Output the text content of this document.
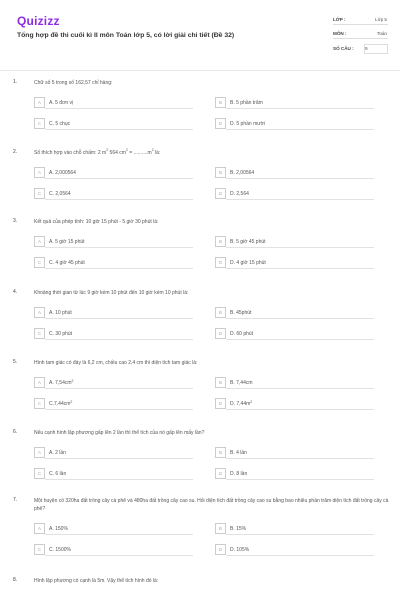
Quizizz
Tổng hợp đề thi cuối kì II môn Toán lớp 5, có lời giải chi tiết (Đề 32)
LỚP :	Lớp 5
MÔN :	Toán
SỐ CÂU :	9
1.	Chữ số 5 trong số 162,57 chỉ hàng:
A	A. 5 đơn vị	B	B. 5 phần trăm
C	C. 5 chục	D	D. 5 phần mười
2.	Số thích hợp vào chỗ chấm: 2 $m^2$ 564 $cm^2 = ..........m^2$ là:
A	A. 2,000564	B	B. 2,00564
C	C. 2,0564	D	D. 2,564
3.	Kết quả của phép tính: 10 giờ 15 phút - 5 giờ 30 phút là:
A	A. 5 giờ 15 phút	B	B. 5 giờ 45 phút
C	C. 4 giờ 45 phút	D	D. 4 giờ 15 phút
4.	Khoảng thời gian từ lúc 9 giờ kém 10 phút đến 10 giờ kém 10 phút là:
A	A. 10 phút	B	B. 45phút
C	C. 30 phút	D	D. 60 phút
5.	Hình tam giác có đáy là 6,2 cm, chiều cao 2,4 cm thì diện tích tam giác là:
A	A. $7,54cm^2$	B	B. 7,44cm
C	$C.7,44cm^2$	D	D. $7,44m^2$
6.	Nếu cạnh hình lập phương gấp lên 2 lần thì thể tích của nó gấp lên mấy lần?
A	A. 2 lần	B	B. 4 lần
C	C. 6 lần	D	D. 8 lần
7.	Một huyện có 320ha đất trồng cây cà phê và 480ha đất trồng cây cao su. Hỏi diện tích đất trồng cây cao su bằng bao nhiêu phần trăm diện tích đất trồng cây cà phê?
A	A. 150%	B	B. 15%
C	C. 1500%	D	D. 105%
8.	Hình lập phương có cạnh là 5m. Vậy thể tích hình đó là:
